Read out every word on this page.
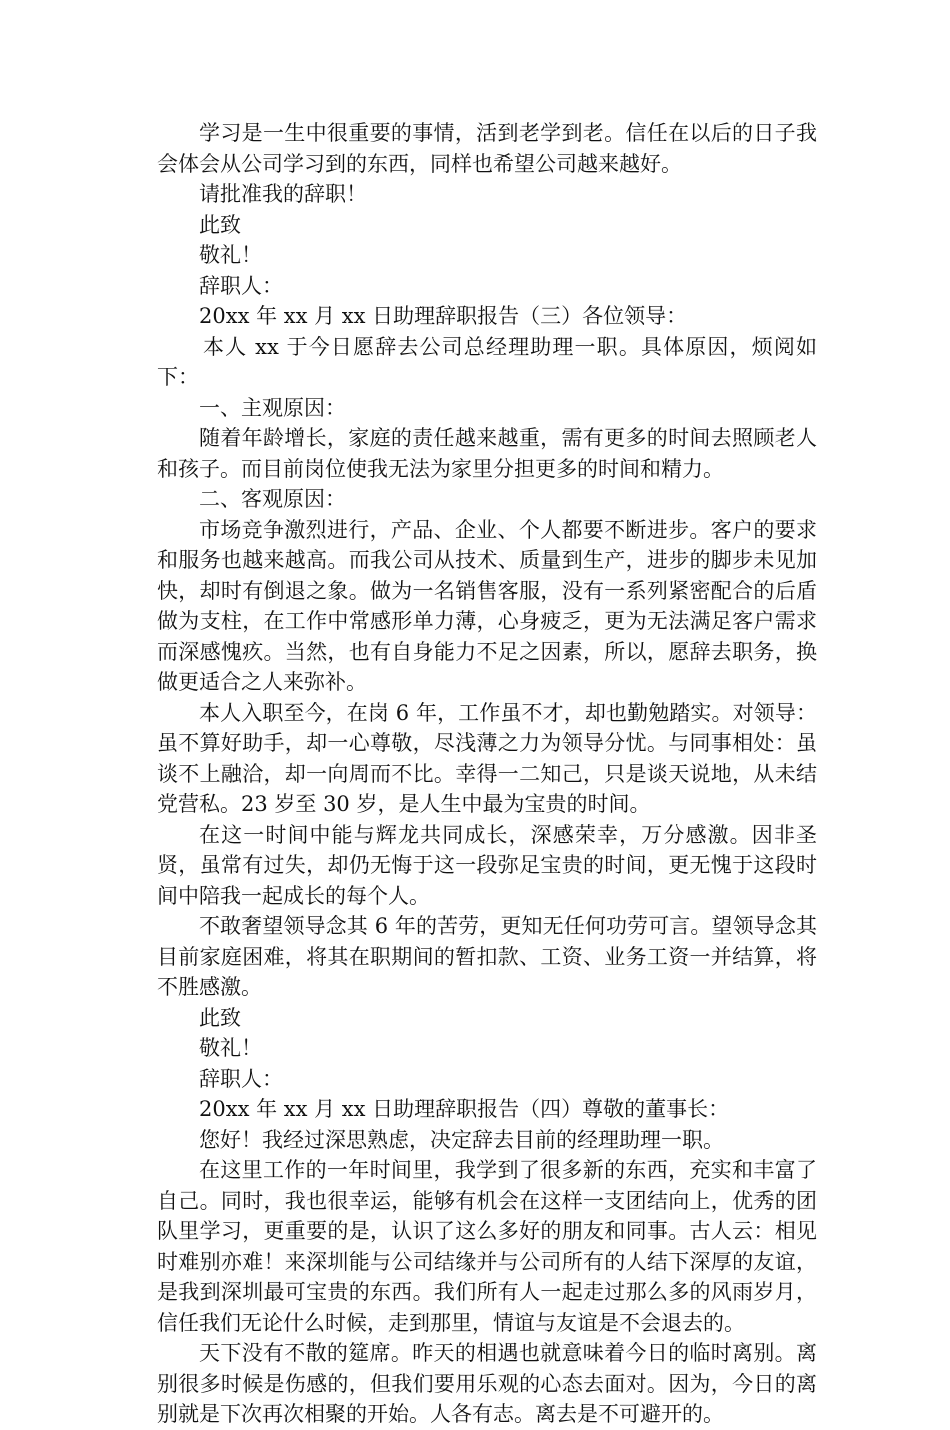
学习是一生中很重要的事情，活到老学到老。信任在以后的日子我会体会从公司学习到的东西，同样也希望公司越来越好。

请批准我的辞职！

此致

敬礼！

辞职人：

20xx 年 xx 月 xx 日助理辞职报告（三）各位领导：

本人 xx 于今日愿辞去公司总经理助理一职。具体原因，烦阅如下：

一、主观原因：

随着年龄增长，家庭的责任越来越重，需有更多的时间去照顾老人和孩子。而目前岗位使我无法为家里分担更多的时间和精力。

二、客观原因：

市场竞争激烈进行，产品、企业、个人都要不断进步。客户的要求和服务也越来越高。而我公司从技术、质量到生产，进步的脚步未见加快，却时有倒退之象。做为一名销售客服，没有一系列紧密配合的后盾做为支柱，在工作中常感形单力薄，心身疲乏，更为无法满足客户需求而深感愧疚。当然，也有自身能力不足之因素，所以，愿辞去职务，换做更适合之人来弥补。

本人入职至今，在岗 6 年，工作虽不才，却也勤勉踏实。对领导：虽不算好助手，却一心尊敬，尽浅薄之力为领导分忧。与同事相处：虽谈不上融洽，却一向周而不比。幸得一二知己，只是谈天说地，从未结党营私。23 岁至 30 岁，是人生中最为宝贵的时间。

在这一时间中能与辉龙共同成长，深感荣幸，万分感激。因非圣贤，虽常有过失，却仍无悔于这一段弥足宝贵的时间，更无愧于这段时间中陪我一起成长的每个人。

不敢奢望领导念其 6 年的苦劳，更知无任何功劳可言。望领导念其目前家庭困难，将其在职期间的暂扣款、工资、业务工资一并结算，将不胜感激。

此致

敬礼！

辞职人：

20xx 年 xx 月 xx 日助理辞职报告（四）尊敬的董事长：

您好！我经过深思熟虑，决定辞去目前的经理助理一职。

在这里工作的一年时间里，我学到了很多新的东西，充实和丰富了自己。同时，我也很幸运，能够有机会在这样一支团结向上，优秀的团队里学习，更重要的是，认识了这么多好的朋友和同事。古人云：相见时难别亦难！来深圳能与公司结缘并与公司所有的人结下深厚的友谊，是我到深圳最可宝贵的东西。我们所有人一起走过那么多的风雨岁月，信任我们无论什么时候，走到那里，情谊与友谊是不会退去的。

天下没有不散的筵席。昨天的相遇也就意味着今日的临时离别。离别很多时候是伤感的，但我们要用乐观的心态去面对。因为，今日的离别就是下次再次相聚的开始。人各有志。离去是不可避开的。
